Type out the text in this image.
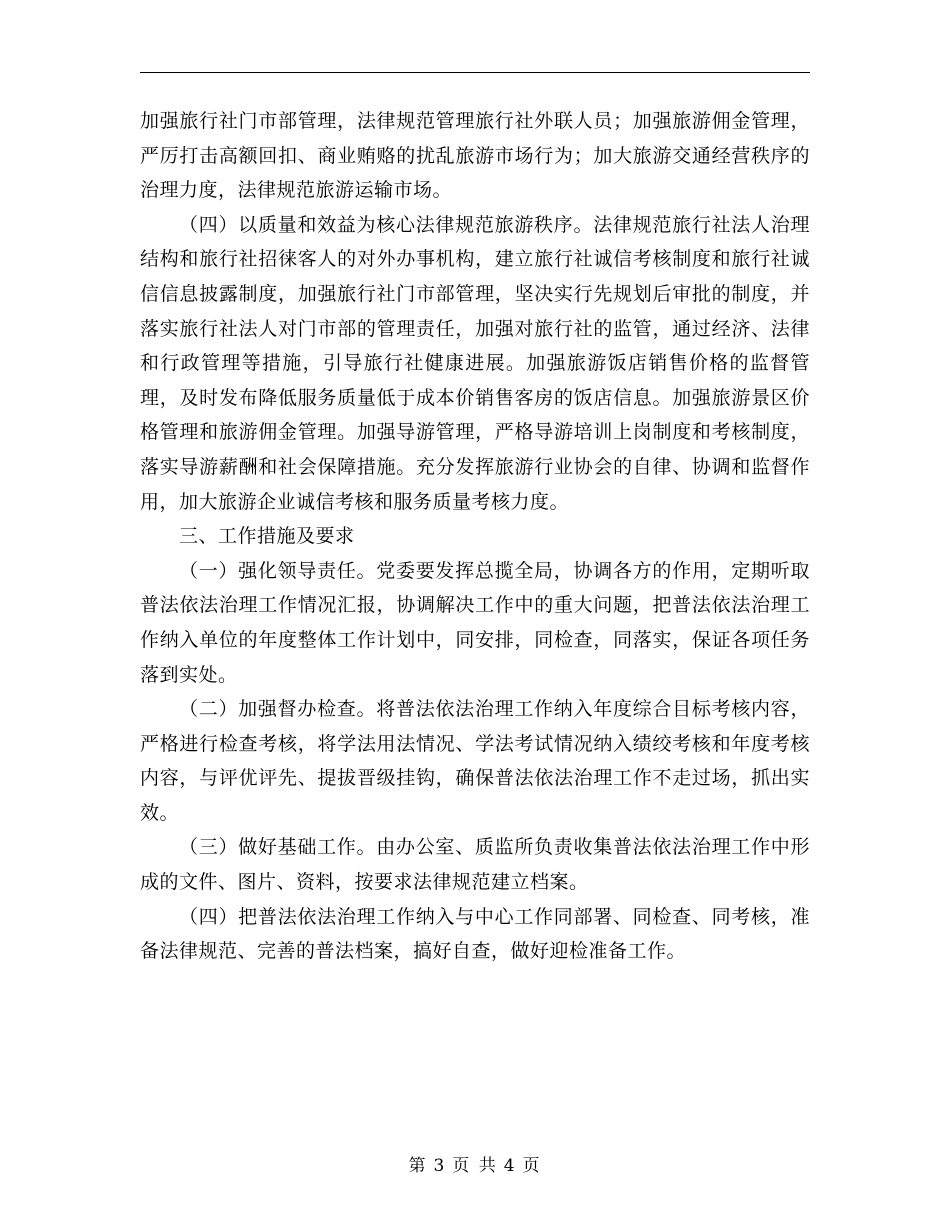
加强旅行社门市部管理，法律规范管理旅行社外联人员；加强旅游佣金管理，严厉打击高额回扣、商业贿赂的扰乱旅游市场行为；加大旅游交通经营秩序的治理力度，法律规范旅游运输市场。

（四）以质量和效益为核心法律规范旅游秩序。法律规范旅行社法人治理结构和旅行社招徕客人的对外办事机构，建立旅行社诚信考核制度和旅行社诚信信息披露制度，加强旅行社门市部管理，坚决实行先规划后审批的制度，并落实旅行社法人对门市部的管理责任，加强对旅行社的监管，通过经济、法律和行政管理等措施，引导旅行社健康进展。加强旅游饭店销售价格的监督管理，及时发布降低服务质量低于成本价销售客房的饭店信息。加强旅游景区价格管理和旅游佣金管理。加强导游管理，严格导游培训上岗制度和考核制度，落实导游薪酬和社会保障措施。充分发挥旅游行业协会的自律、协调和监督作用，加大旅游企业诚信考核和服务质量考核力度。

三、工作措施及要求

（一）强化领导责任。党委要发挥总揽全局，协调各方的作用，定期听取普法依法治理工作情况汇报，协调解决工作中的重大问题，把普法依法治理工作纳入单位的年度整体工作计划中，同安排，同检查，同落实，保证各项任务落到实处。

（二）加强督办检查。将普法依法治理工作纳入年度综合目标考核内容，严格进行检查考核，将学法用法情况、学法考试情况纳入绩绞考核和年度考核内容，与评优评先、提拔晋级挂钩，确保普法依法治理工作不走过场，抓出实效。

（三）做好基础工作。由办公室、质监所负责收集普法依法治理工作中形成的文件、图片、资料，按要求法律规范建立档案。

（四）把普法依法治理工作纳入与中心工作同部署、同检查、同考核，准备法律规范、完善的普法档案，搞好自查，做好迎检准备工作。

第 3 页 共 4 页
